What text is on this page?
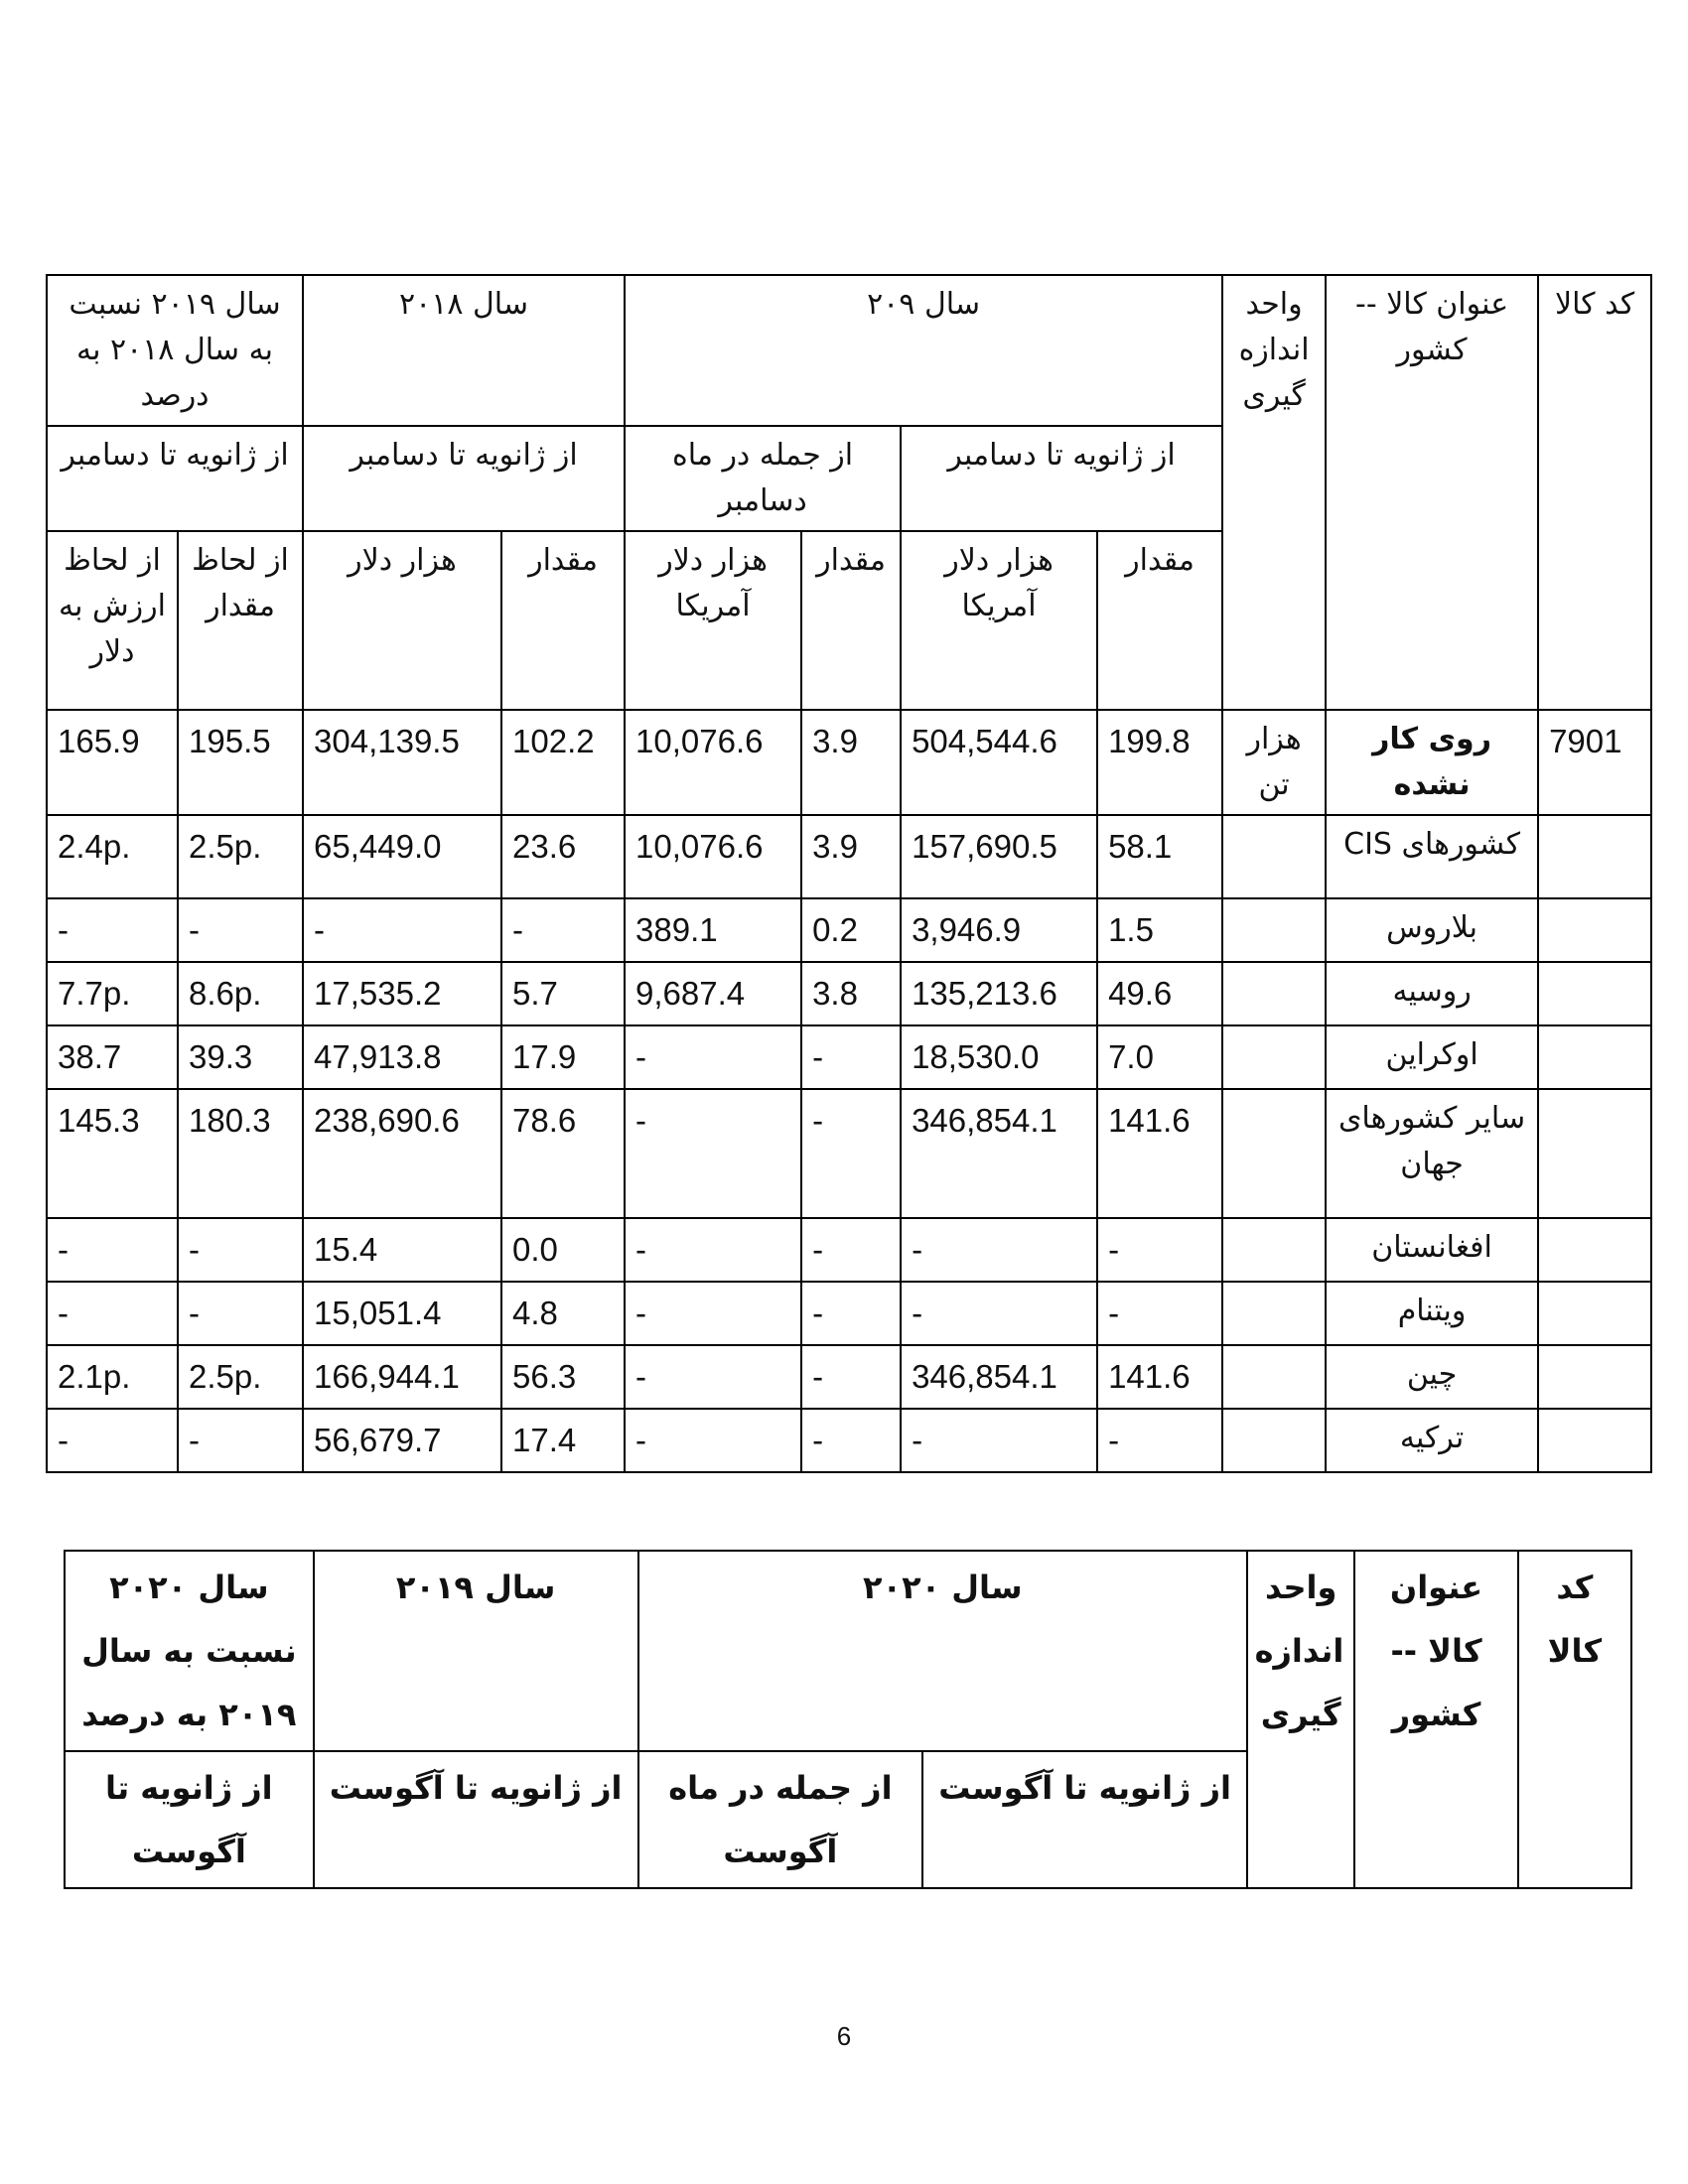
کد کالا	عنوان کالا -- کشور	واحد اندازه گیری	سال ۲۰۹				سال ۲۰۱۸		سال ۲۰۱۹ نسبت به سال ۲۰۱۸ به درصد	
			از ژانویه تا دسامبر		از جمله در ماه دسامبر		از ژانویه تا دسامبر		از ژانویه تا دسامبر	
			مقدار	هزار دلار آمریکا	مقدار	هزار دلار آمریکا	مقدار	هزار دلار	از لحاظ مقدار	از لحاظ ارزش به دلار
7901	روی کار نشده	هزار تن	199.8	504,544.6	3.9	10,076.6	102.2	304,139.5	195.5	165.9
	کشورهای CIS		58.1	157,690.5	3.9	10,076.6	23.6	65,449.0	2.5p.	2.4p.
	بلاروس		1.5	3,946.9	0.2	389.1	-	-	-	-
	روسیه		49.6	135,213.6	3.8	9,687.4	5.7	17,535.2	8.6p.	7.7p.
	اوکراین		7.0	18,530.0	-	-	17.9	47,913.8	39.3	38.7
	سایر کشورهای جهان		141.6	346,854.1	-	-	78.6	238,690.6	180.3	145.3
	افغانستان		-	-	-	-	0.0	15.4	-	-
	ویتنام		-	-	-	-	4.8	15,051.4	-	-
	چین		141.6	346,854.1	-	-	56.3	166,944.1	2.5p.	2.1p.
	ترکیه		-	-	-	-	17.4	56,679.7	-	-
کد کالا	عنوان کالا -- کشور	واحد اندازه گیری	سال ۲۰۲۰		سال ۲۰۱۹	سال ۲۰۲۰ نسبت به سال ۲۰۱۹ به درصد
			از ژانویه تا آگوست	از جمله در ماه آگوست	از ژانویه تا آگوست	از ژانویه تا آگوست
6
